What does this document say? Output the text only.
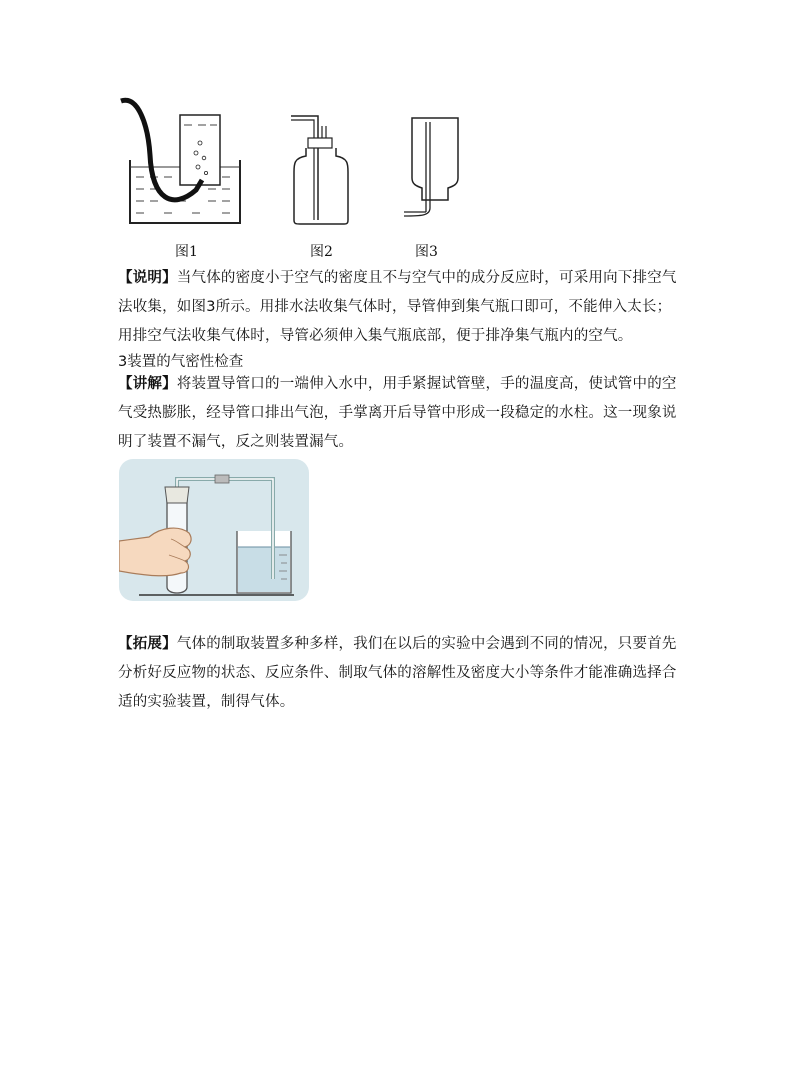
图1	图2	图3
【说明】当气体的密度小于空气的密度且不与空气中的成分反应时，可采用向下排空气法收集，如图3所示。用排水法收集气体时，导管伸到集气瓶口即可，不能伸入太长；用排空气法收集气体时，导管必须伸入集气瓶底部，便于排净集气瓶内的空气。
3装置的气密性检查
【讲解】将装置导管口的一端伸入水中，用手紧握试管壁，手的温度高，使试管中的空气受热膨胀，经导管口排出气泡，手掌离开后导管中形成一段稳定的水柱。这一现象说明了装置不漏气，反之则装置漏气。
【拓展】气体的制取装置多种多样，我们在以后的实验中会遇到不同的情况，只要首先分析好反应物的状态、反应条件、制取气体的溶解性及密度大小等条件才能准确选择合适的实验装置，制得气体。
